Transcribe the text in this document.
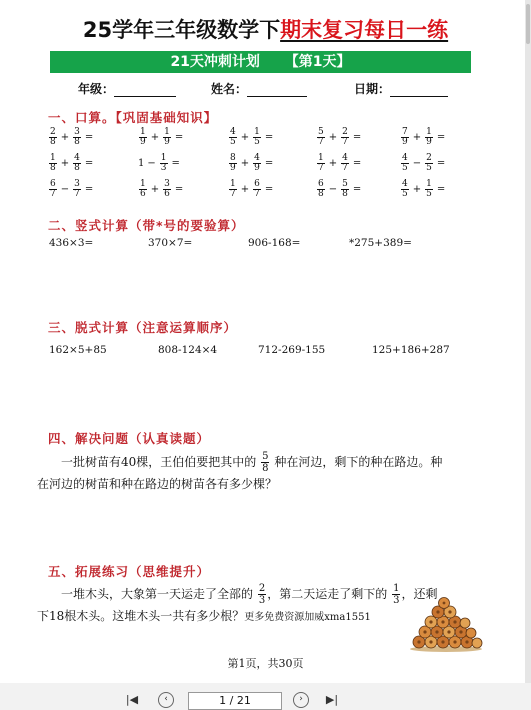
25学年三年级数学下期末复习每日一练
21天冲刺计划 【第1天】
年级：	姓名：	日期：
一、口算。【巩固基础知识】
$\frac{2}{8} + \frac{3}{8}$ =	$\frac{1}{9} + \frac{1}{9}$ =	$\frac{4}{5} + \frac{1}{5}$ =	$\frac{5}{7} + \frac{2}{7}$ =	$\frac{7}{9} + \frac{1}{9}$ =
$\frac{1}{8} + \frac{4}{8}$ =	$1 - \frac{1}{3}$ =	$\frac{8}{9} + \frac{4}{9}$ =	$\frac{1}{7} + \frac{4}{7}$ =	$\frac{4}{5} - \frac{2}{5}$ =
$\frac{6}{7} - \frac{3}{7}$ =	$\frac{1}{6} + \frac{3}{6}$ =	$\frac{1}{7} + \frac{6}{7}$ =	$\frac{6}{8} - \frac{5}{8}$ =	$\frac{4}{5} + \frac{1}{5}$ =
二、竖式计算（带*号的要验算）
436×3=	370×7=	906-168=	*275+389=
三、脱式计算（注意运算顺序）
162×5+85	808-124×4	712-269-155	125+186+287
四、解决问题（认真读题）
一批树苗有40棵，王伯伯要把其中的 $\frac{5}{8}$ 种在河边，剩下的种在路边。种
在河边的树苗和种在路边的树苗各有多少棵？
五、拓展练习（思维提升）
一堆木头，大象第一天运走了全部的 $\frac{2}{3}$ ，第二天运走了剩下的 $\frac{1}{3}$ ，还剩
下18根木头。这堆木头一共有多少根？更多免费资源加威xma1551
第1页，共30页
|◀	‹	1 / 21	›	▶|
